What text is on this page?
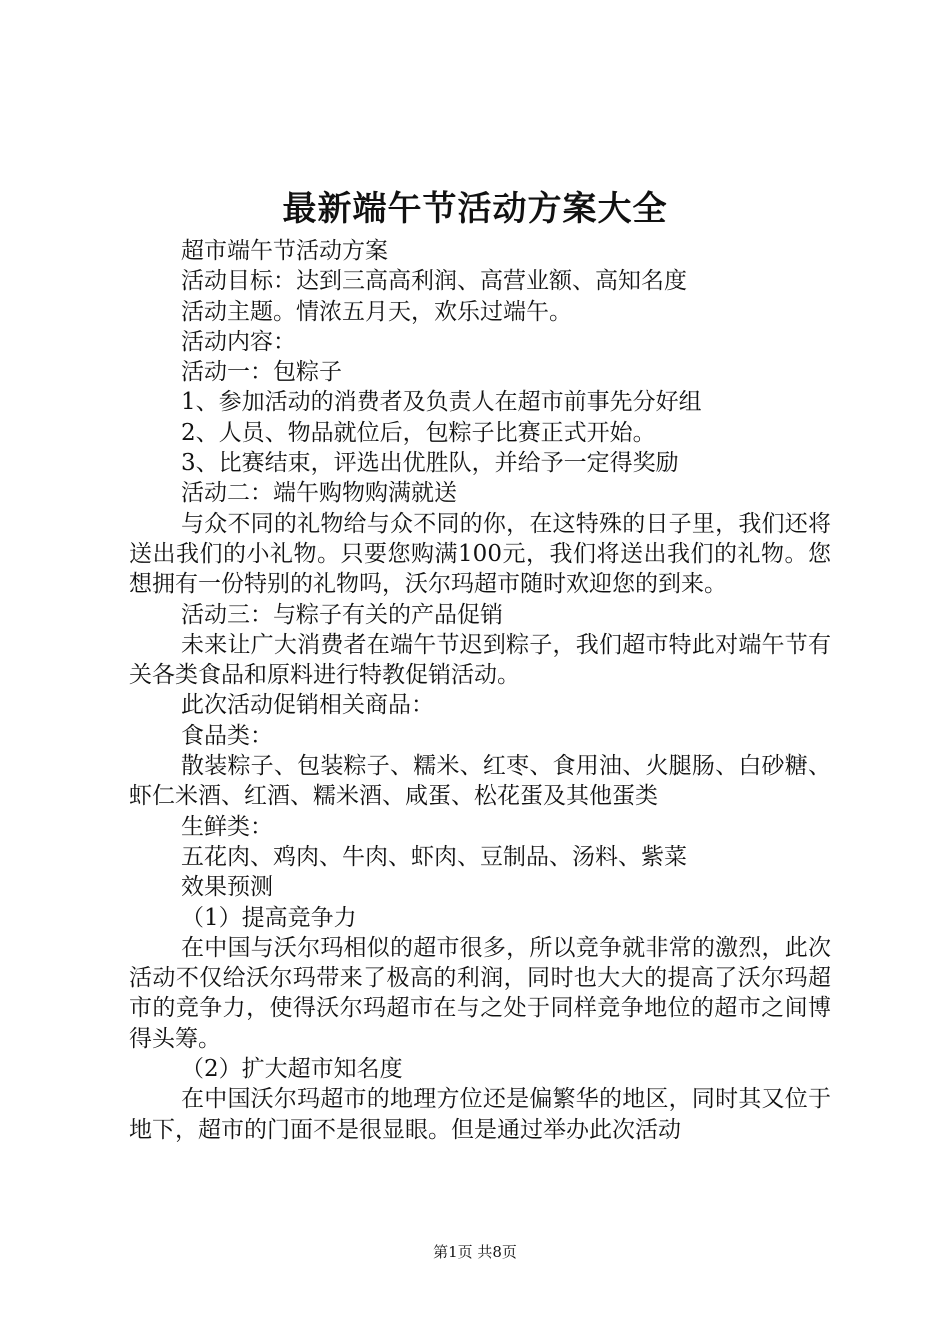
最新端午节活动方案大全

超市端午节活动方案

活动目标：达到三高高利润、高营业额、高知名度

活动主题。情浓五月天，欢乐过端午。

活动内容：

活动一：包粽子

1、参加活动的消费者及负责人在超市前事先分好组

2、人员、物品就位后，包粽子比赛正式开始。

3、比赛结束，评选出优胜队，并给予一定得奖励

活动二：端午购物购满就送

与众不同的礼物给与众不同的你，在这特殊的日子里，我们还将送出我们的小礼物。只要您购满100元，我们将送出我们的礼物。您想拥有一份特别的礼物吗，沃尔玛超市随时欢迎您的到来。

活动三：与粽子有关的产品促销

未来让广大消费者在端午节迟到粽子，我们超市特此对端午节有关各类食品和原料进行特教促销活动。

此次活动促销相关商品：

食品类：

散装粽子、包装粽子、糯米、红枣、食用油、火腿肠、白砂糖、虾仁米酒、红酒、糯米酒、咸蛋、松花蛋及其他蛋类

生鲜类：

五花肉、鸡肉、牛肉、虾肉、豆制品、汤料、紫菜

效果预测

（1）提高竞争力

在中国与沃尔玛相似的超市很多，所以竞争就非常的激烈，此次活动不仅给沃尔玛带来了极高的利润，同时也大大的提高了沃尔玛超市的竞争力，使得沃尔玛超市在与之处于同样竞争地位的超市之间博得头筹。

（2）扩大超市知名度

在中国沃尔玛超市的地理方位还是偏繁华的地区，同时其又位于地下，超市的门面不是很显眼。但是通过举办此次活动

第1页 共8页
